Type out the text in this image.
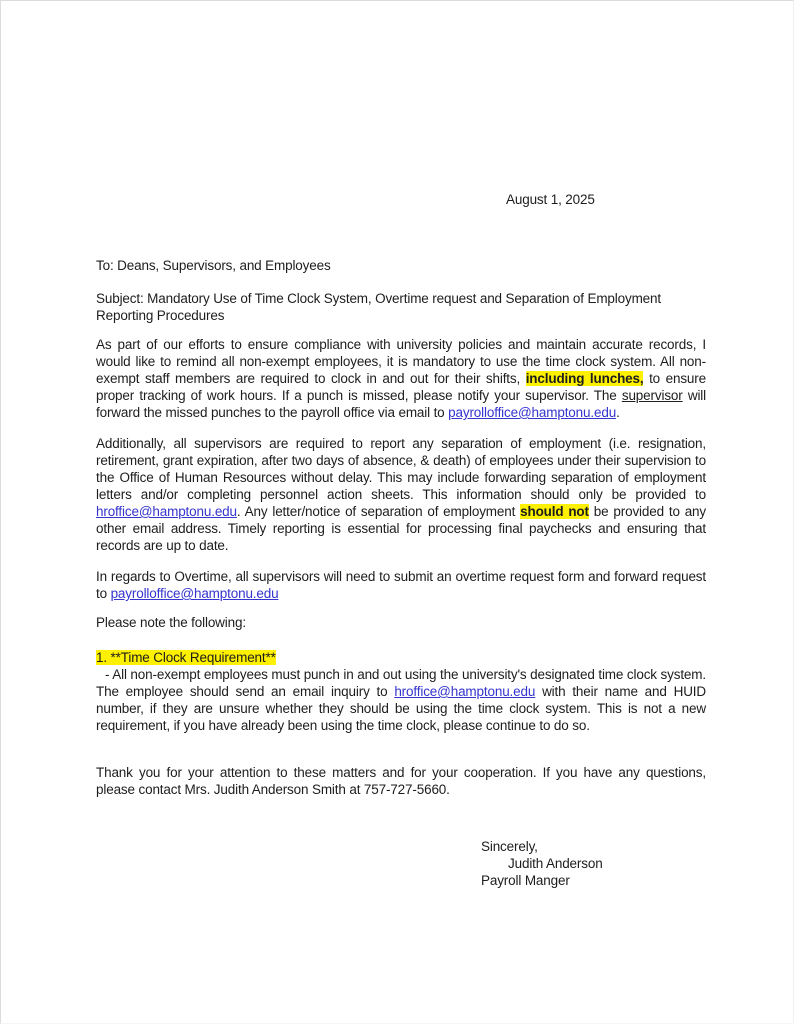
August 1, 2025
To: Deans, Supervisors, and Employees
Subject: Mandatory Use of Time Clock System, Overtime request and Separation of Employment Reporting Procedures
As part of our efforts to ensure compliance with university policies and maintain accurate records, I would like to remind all non-exempt employees, it is mandatory to use the time clock system. All non-exempt staff members are required to clock in and out for their shifts, including lunches, to ensure proper tracking of work hours. If a punch is missed, please notify your supervisor. The supervisor will forward the missed punches to the payroll office via email to payrolloffice@hamptonu.edu.
Additionally, all supervisors are required to report any separation of employment (i.e. resignation, retirement, grant expiration, after two days of absence, & death) of employees under their supervision to the Office of Human Resources without delay. This may include forwarding separation of employment letters and/or completing personnel action sheets. This information should only be provided to hroffice@hamptonu.edu. Any letter/notice of separation of employment should not be provided to any other email address. Timely reporting is essential for processing final paychecks and ensuring that records are up to date.
In regards to Overtime, all supervisors will need to submit an overtime request form and forward request to payrolloffice@hamptonu.edu
Please note the following:
1. **Time Clock Requirement**
- All non-exempt employees must punch in and out using the university's designated time clock system. The employee should send an email inquiry to hroffice@hamptonu.edu with their name and HUID number, if they are unsure whether they should be using the time clock system. This is not a new requirement, if you have already been using the time clock, please continue to do so.
Thank you for your attention to these matters and for your cooperation. If you have any questions, please contact Mrs. Judith Anderson Smith at 757-727-5660.
Sincerely,
Judith Anderson
Payroll Manger
